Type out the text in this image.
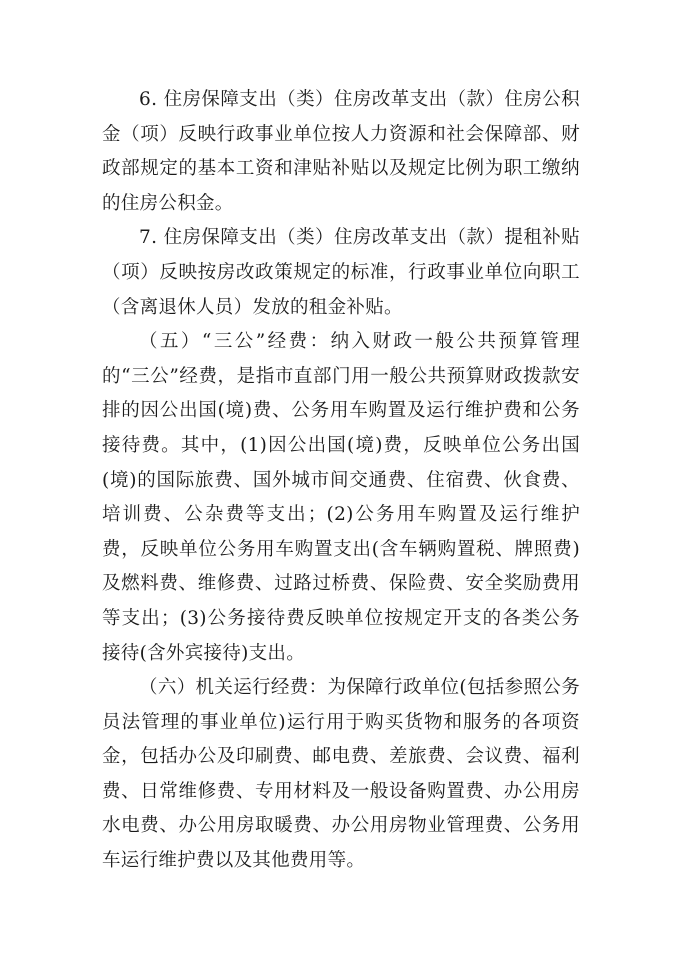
6. 住房保障支出（类）住房改革支出（款）住房公积金（项）反映行政事业单位按人力资源和社会保障部、财政部规定的基本工资和津贴补贴以及规定比例为职工缴纳的住房公积金。

7. 住房保障支出（类）住房改革支出（款）提租补贴（项）反映按房改政策规定的标准，行政事业单位向职工（含离退休人员）发放的租金补贴。

（五）“三公”经费：纳入财政一般公共预算管理的“三公”经费，是指市直部门用一般公共预算财政拨款安排的因公出国(境)费、公务用车购置及运行维护费和公务接待费。其中，(1)因公出国(境)费，反映单位公务出国(境)的国际旅费、国外城市间交通费、住宿费、伙食费、培训费、公杂费等支出；(2)公务用车购置及运行维护费，反映单位公务用车购置支出(含车辆购置税、牌照费)及燃料费、维修费、过路过桥费、保险费、安全奖励费用等支出；(3)公务接待费反映单位按规定开支的各类公务接待(含外宾接待)支出。

（六）机关运行经费：为保障行政单位(包括参照公务员法管理的事业单位)运行用于购买货物和服务的各项资金，包括办公及印刷费、邮电费、差旅费、会议费、福利费、日常维修费、专用材料及一般设备购置费、办公用房水电费、办公用房取暖费、办公用房物业管理费、公务用车运行维护费以及其他费用等。
